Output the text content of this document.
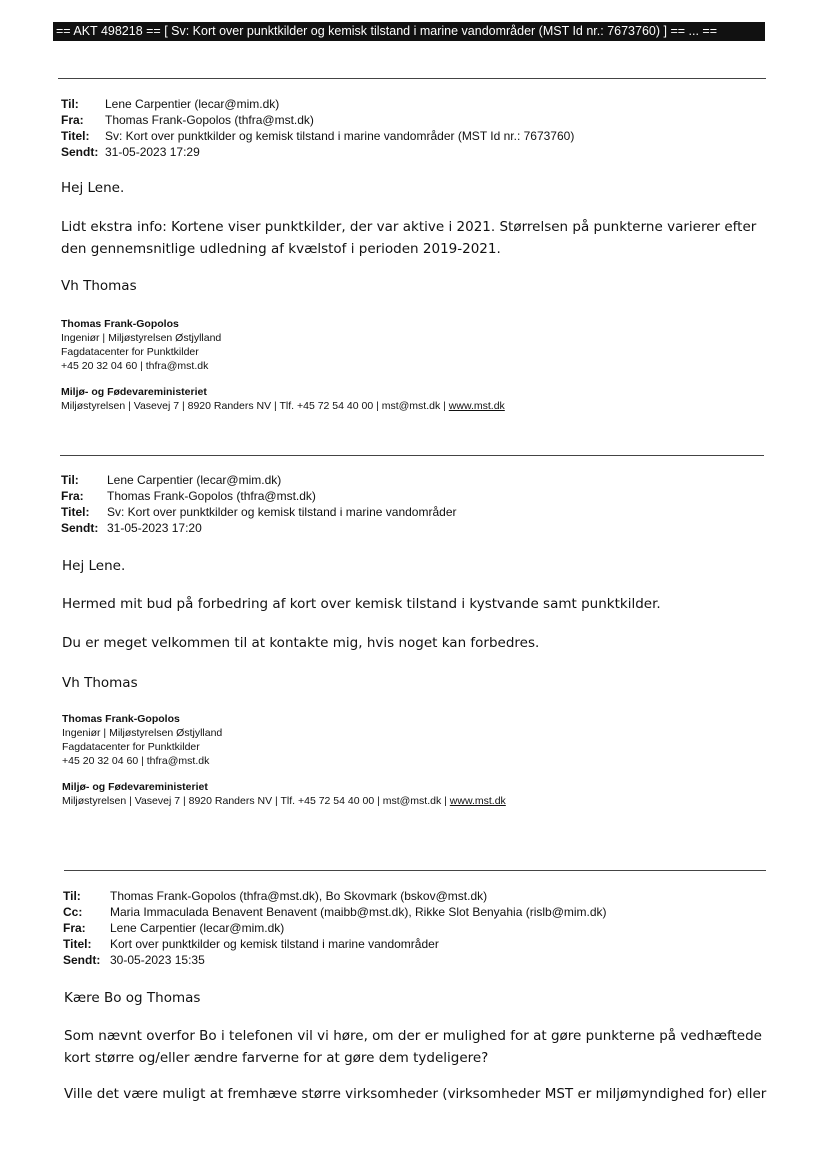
== AKT 498218 == [ Sv: Kort over punktkilder og kemisk tilstand i marine vandområder (MST Id nr.: 7673760) ] == ... ==
Til:	Lene Carpentier (lecar@mim.dk)
Fra:	Thomas Frank-Gopolos (thfra@mst.dk)
Titel:	Sv: Kort over punktkilder og kemisk tilstand i marine vandområder (MST Id nr.: 7673760)
Sendt: 31-05-2023 17:29
Hej Lene.
Lidt ekstra info: Kortene viser punktkilder, der var aktive i 2021. Størrelsen på punkterne varierer efter den gennemsnitlige udledning af kvælstof i perioden 2019-2021.
Vh Thomas
Thomas Frank-Gopolos
Ingeniør | Miljøstyrelsen Østjylland
Fagdatacenter for Punktkilder
+45 20 32 04 60 | thfra@mst.dk
Miljø- og Fødevareministeriet
Miljøstyrelsen | Vasevej 7 | 8920 Randers NV | Tlf. +45 72 54 40 00 | mst@mst.dk | www.mst.dk
Til:	Lene Carpentier (lecar@mim.dk)
Fra:	Thomas Frank-Gopolos (thfra@mst.dk)
Titel:	Sv: Kort over punktkilder og kemisk tilstand i marine vandområder
Sendt: 31-05-2023 17:20
Hej Lene.
Hermed mit bud på forbedring af kort over kemisk tilstand i kystvande samt punktkilder.
Du er meget velkommen til at kontakte mig, hvis noget kan forbedres.
Vh Thomas
Thomas Frank-Gopolos
Ingeniør | Miljøstyrelsen Østjylland
Fagdatacenter for Punktkilder
+45 20 32 04 60 | thfra@mst.dk
Miljø- og Fødevareministeriet
Miljøstyrelsen | Vasevej 7 | 8920 Randers NV | Tlf. +45 72 54 40 00 | mst@mst.dk | www.mst.dk
Til:	Thomas Frank-Gopolos (thfra@mst.dk), Bo Skovmark (bskov@mst.dk)
Cc:	Maria Immaculada Benavent Benavent (maibb@mst.dk), Rikke Slot Benyahia (rislb@mim.dk)
Fra:	Lene Carpentier (lecar@mim.dk)
Titel:	Kort over punktkilder og kemisk tilstand i marine vandområder
Sendt: 30-05-2023 15:35
Kære Bo og Thomas
Som nævnt overfor Bo i telefonen vil vi høre, om der er mulighed for at gøre punkterne på vedhæftede kort større og/eller ændre farverne for at gøre dem tydeligere?
Ville det være muligt at fremhæve større virksomheder (virksomheder MST er miljømyndighed for) eller
